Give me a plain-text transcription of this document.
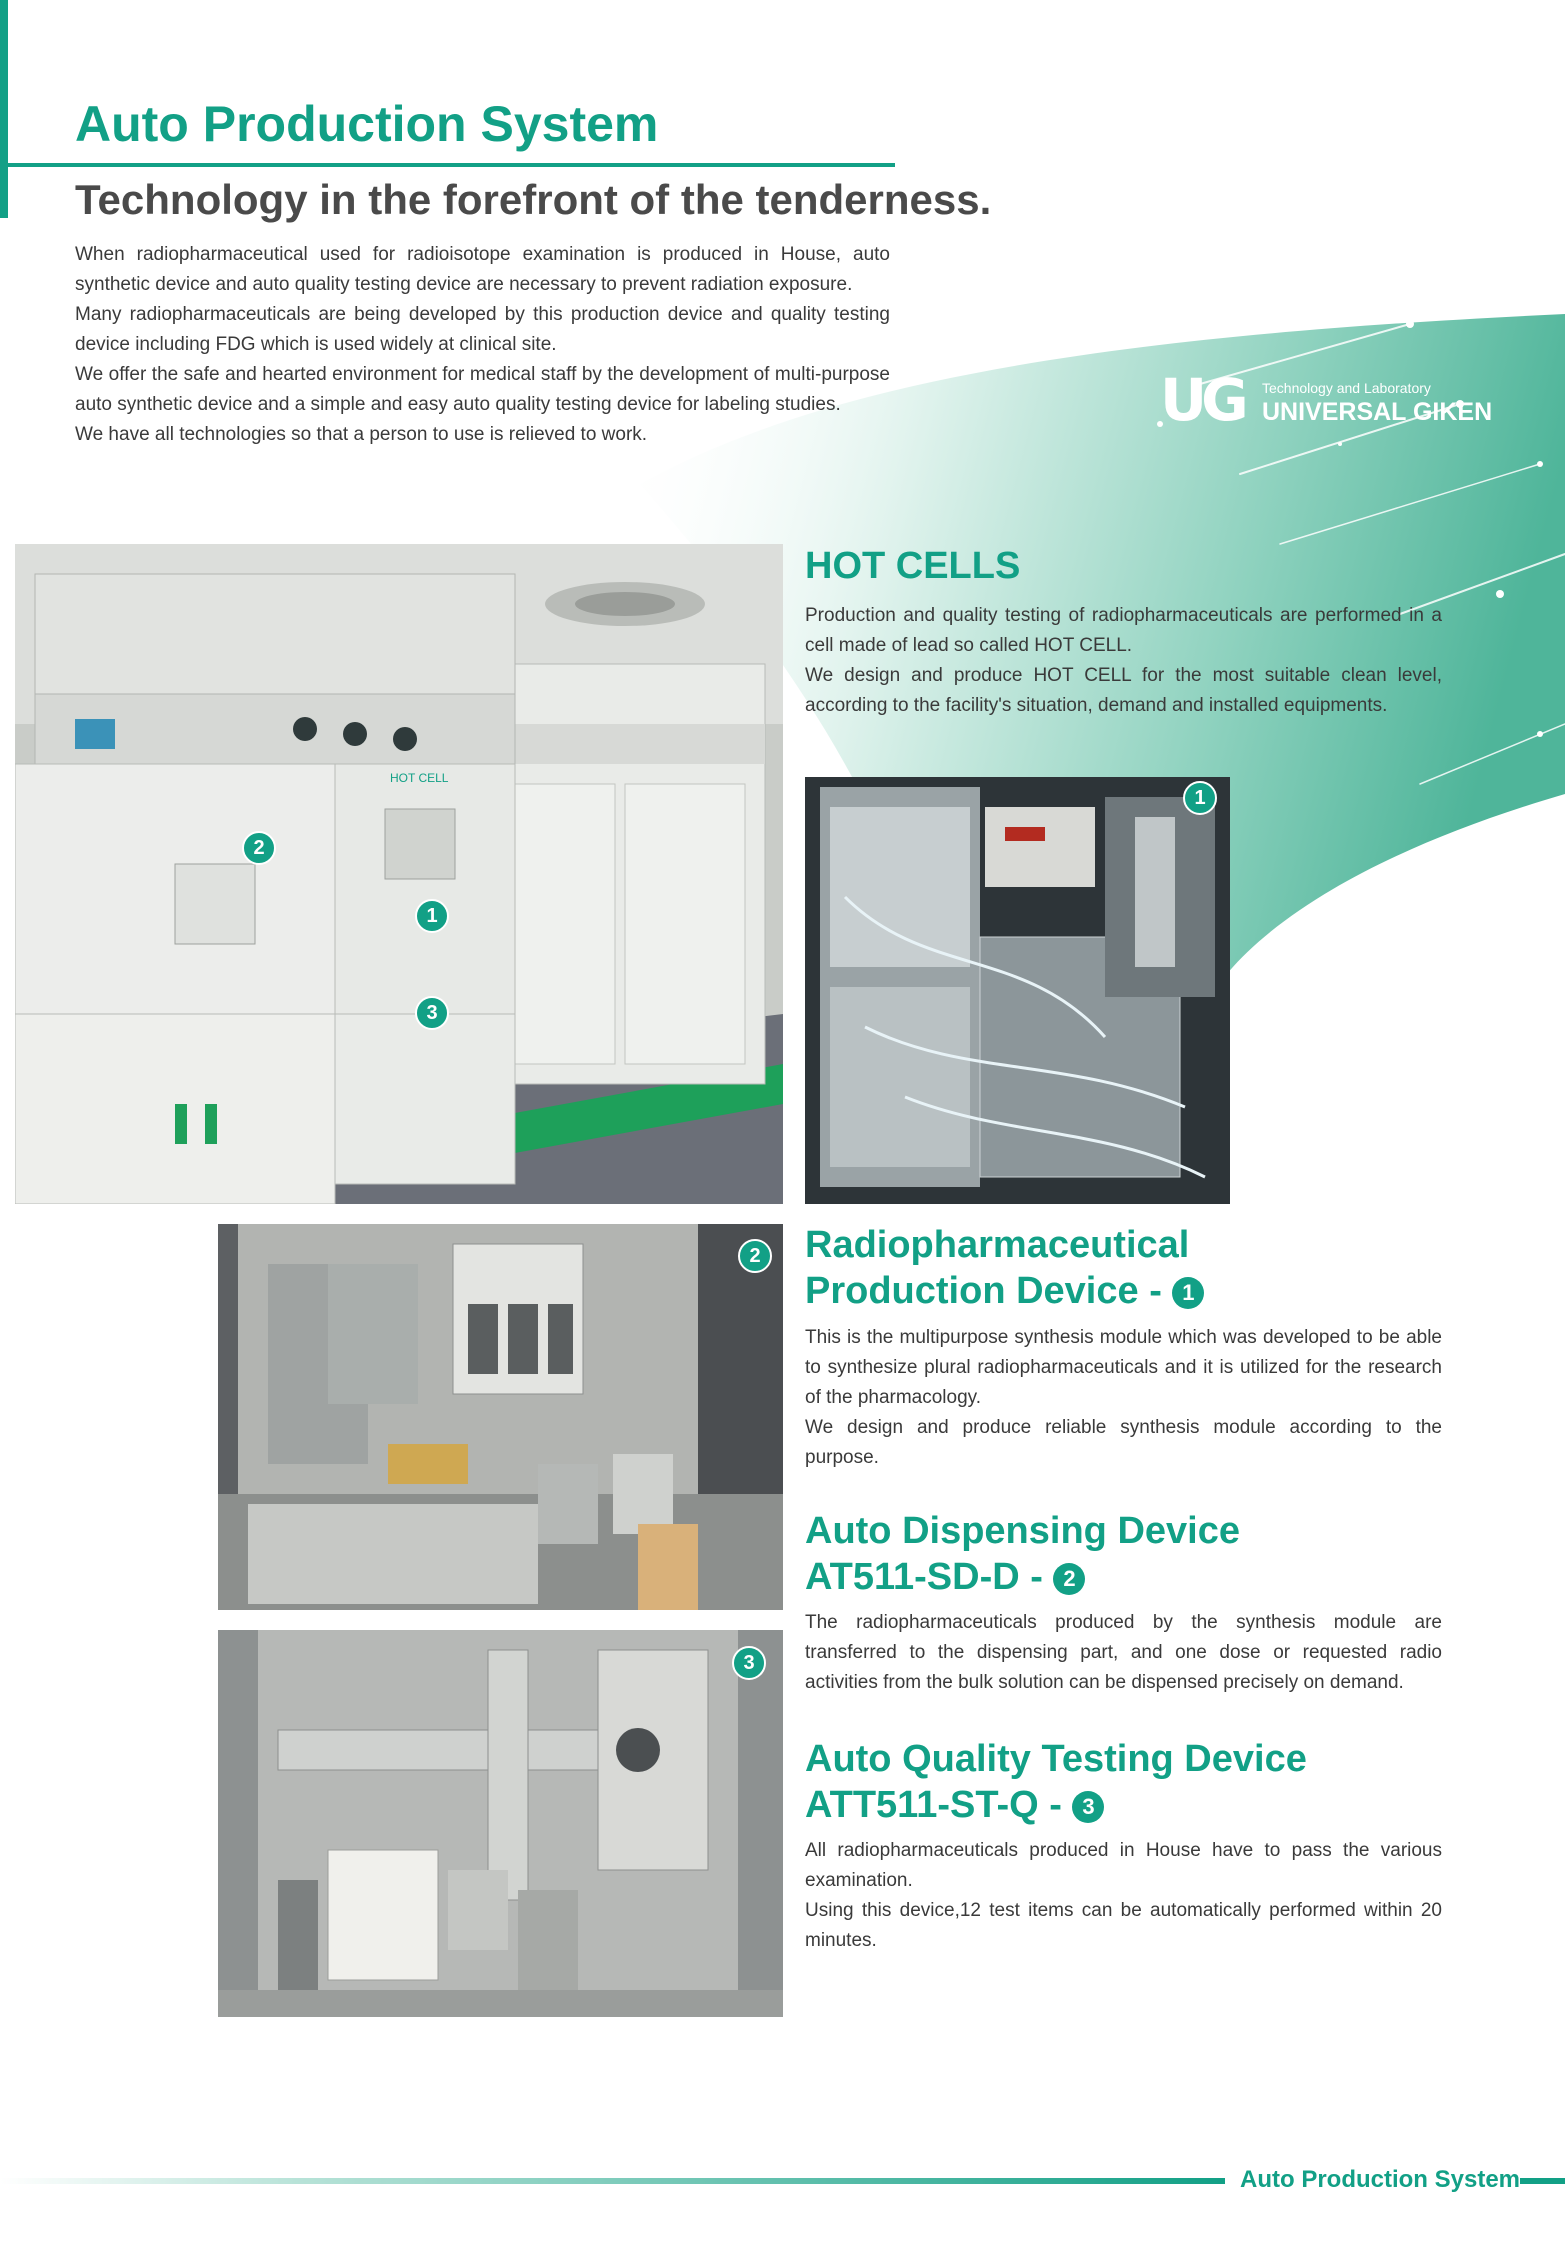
UG Technology and Laboratory
UNIVERSAL GIKEN
Auto Production System
Technology in the forefront of the tenderness.

When radiopharmaceutical used for radioisotope examination is produced in House, auto synthetic device and auto quality testing device are necessary to prevent radiation exposure.

Many radiopharmaceuticals are being developed by this production device and quality testing device including FDG which is used widely at clinical site.

We offer the safe and hearted environment for medical staff by the development of multi-purpose auto synthetic device and a simple and easy auto quality testing device for labeling studies.

We have all technologies so that a person to use is relieved to work.

HOT CELL
2
1
3
HOT CELLS

Production and quality testing of radiopharmaceuticals are performed in a cell made of lead so called HOT CELL.

We design and produce HOT CELL for the most suitable clean level, according to the facility's situation, demand and installed equipments.

1
2
3
Radiopharmaceutical
Production Device - 1

This is the multipurpose synthesis module which was developed to be able to synthesize plural radiopharmaceuticals and it is utilized for the research of the pharmacology.

We design and produce reliable synthesis module according to the purpose.

Auto Dispensing Device
AT511-SD-D - 2

The radiopharmaceuticals produced by the synthesis module are transferred to the dispensing part, and one dose or requested radio activities from the bulk solution can be dispensed precisely on demand.

Auto Quality Testing Device
ATT511-ST-Q - 3

All radiopharmaceuticals produced in House have to pass the various examination.

Using this device,12 test items can be automatically performed within 20 minutes.

Auto Production System
